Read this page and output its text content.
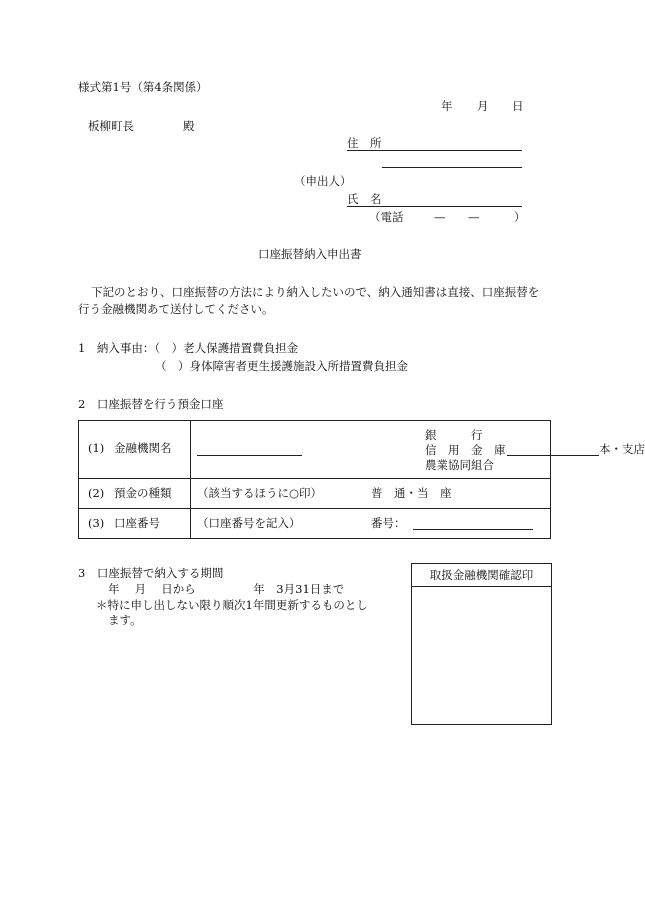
様式第1号（第4条関係）
年 月 日
板柳町長	殿
住　所
（申出人）
氏　名
（電話	— —	）
口座振替納入申出書
下記のとおり、口座振替の方法により納入したいので、納入通知書は直接、口座振替を
行う金融機関あて送付してください。
1　納入事由：（　）老人保護措置費負担金
（　）身体障害者更生援護施設入所措置費負担金
2　口座振替を行う預金口座
(1) 金融機関名	銀　　　行
信　用　金　庫
農業協同組合
本・支店

(2) 預金の種類	（該当するほうに○印） 普　通・当　座

(3) 口座番号	（口座番号を記入） 番号：
3　口座振替で納入する期間
年　 月　 日から　　　　　年　3月31日まで
＊特に申し出しない限り順次1年間更新するものとし
ます。
取扱金融機関確認印
